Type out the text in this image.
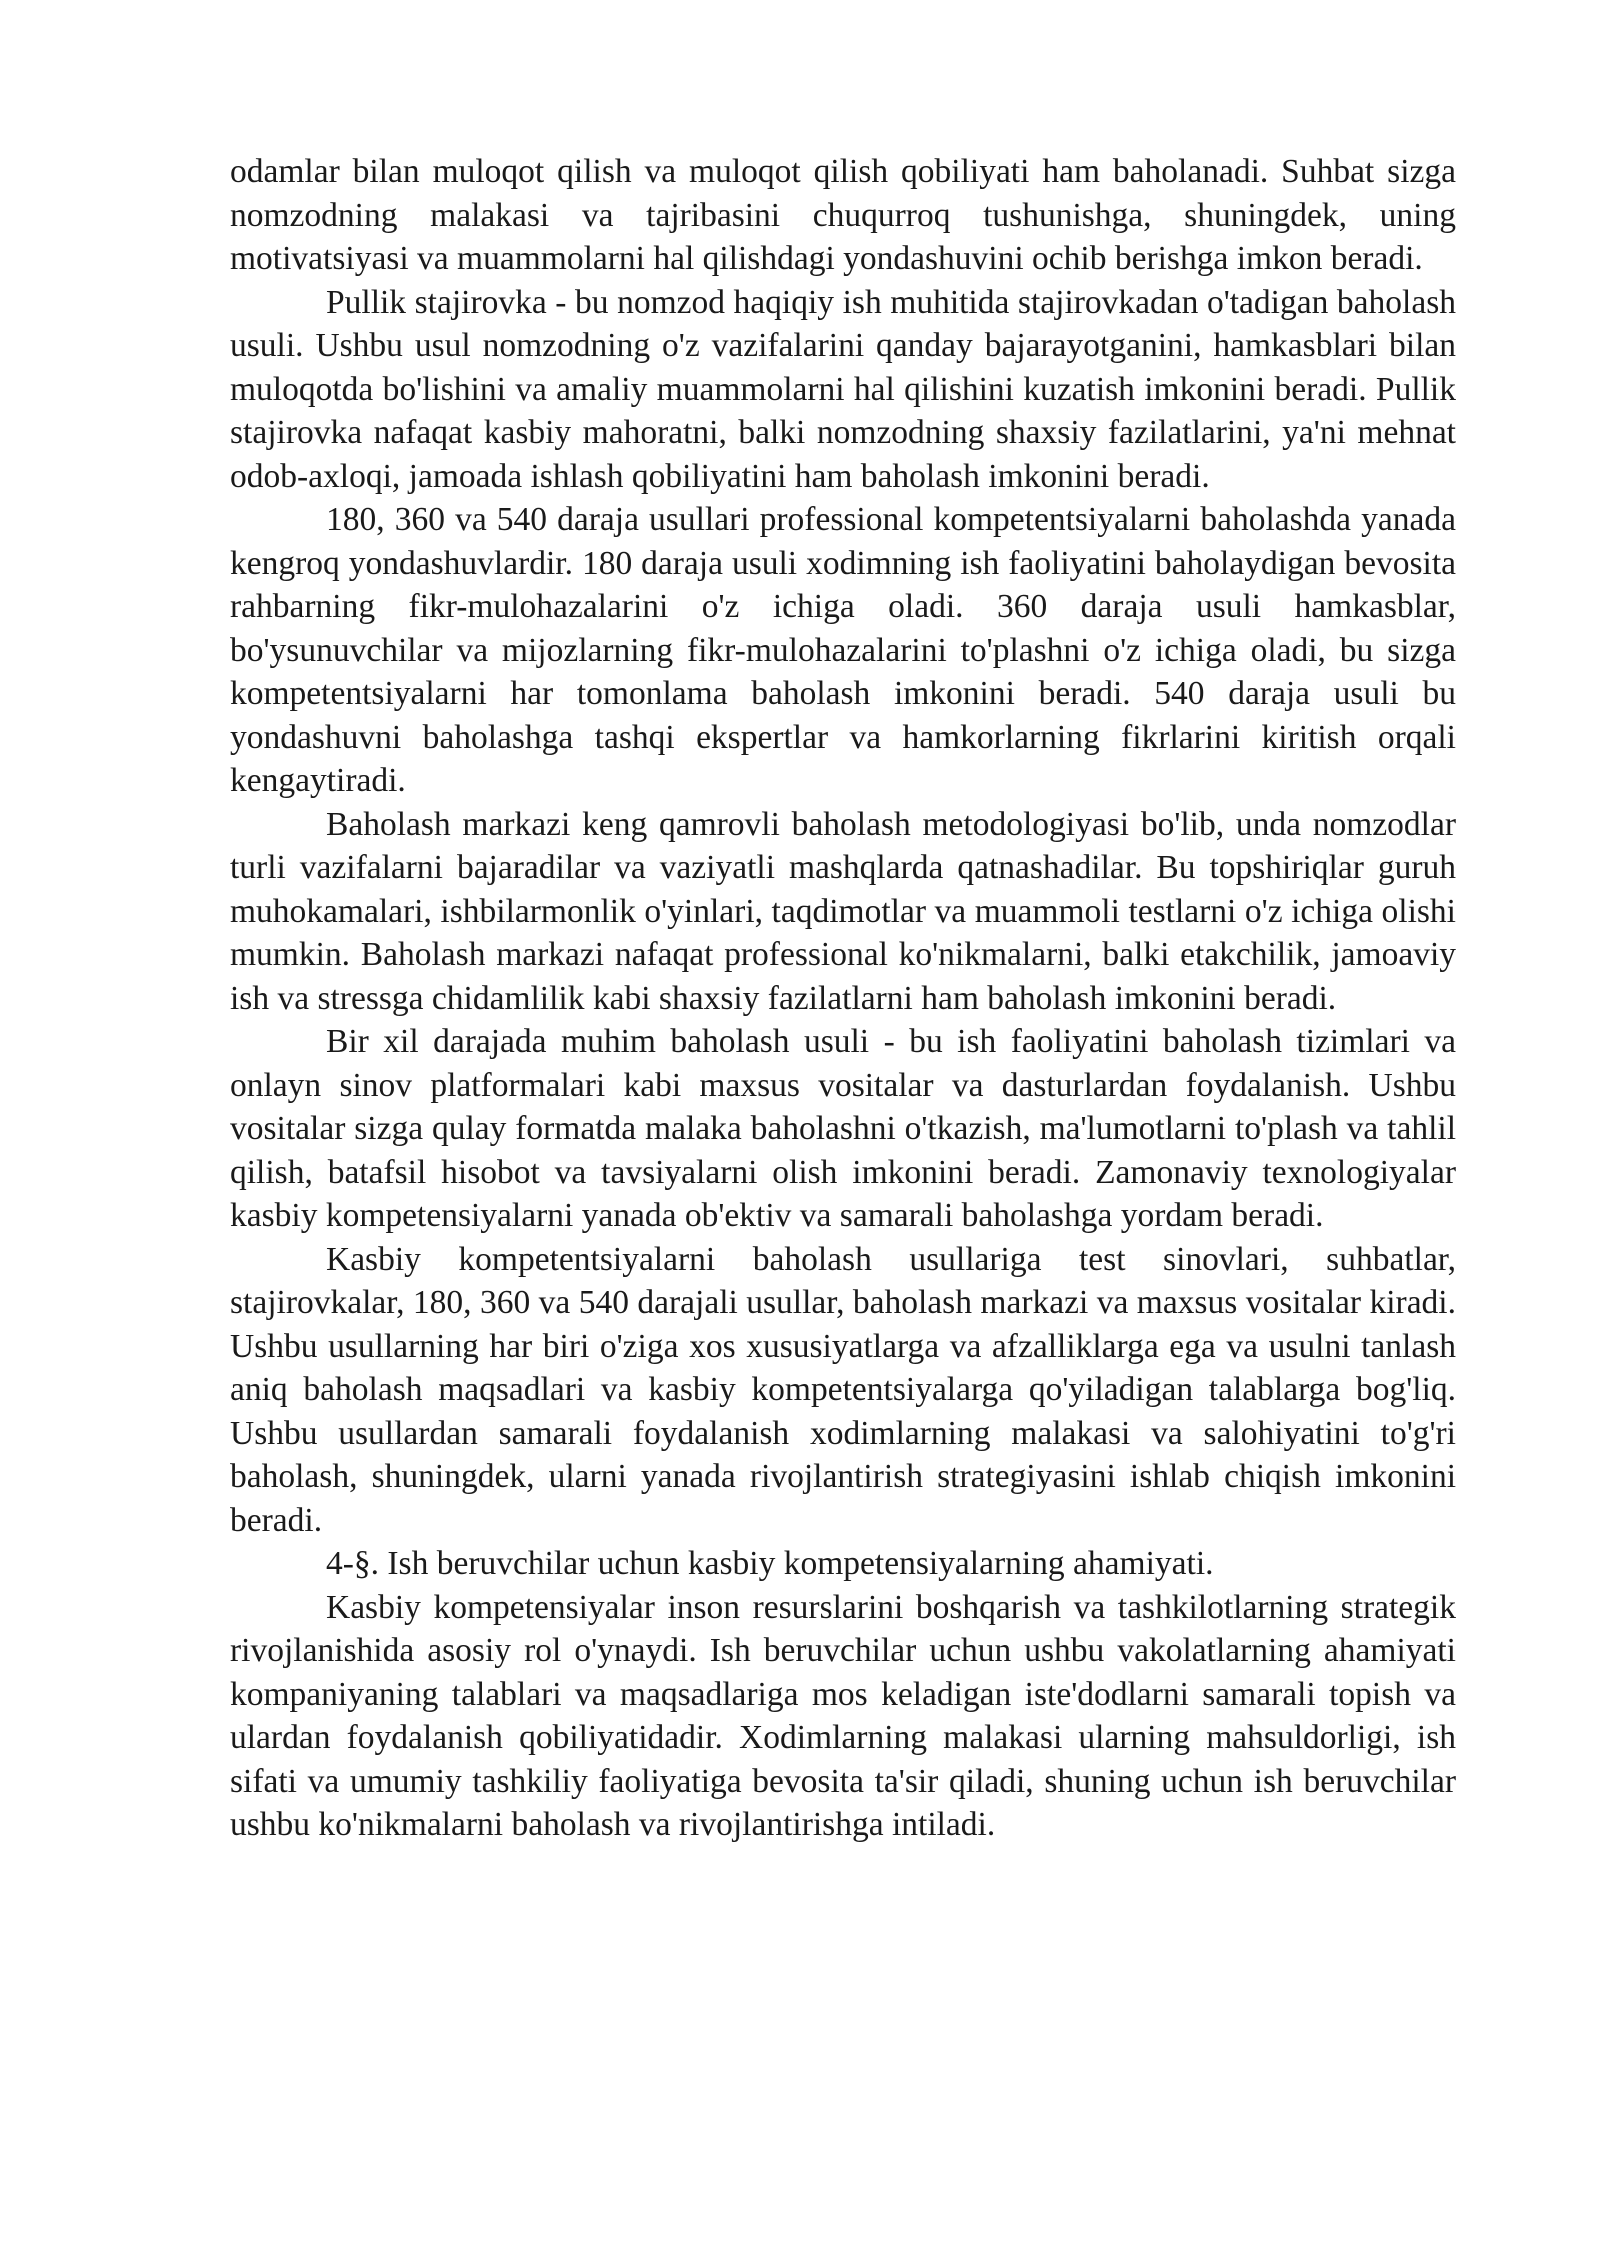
odamlar bilan muloqot qilish va muloqot qilish qobiliyati ham baholanadi. Suhbat sizga nomzodning malakasi va tajribasini chuqurroq tushunishga, shuningdek, uning motivatsiyasi va muammolarni hal qilishdagi yondashuvini ochib berishga imkon beradi.

Pullik stajirovka - bu nomzod haqiqiy ish muhitida stajirovkadan o'tadigan baholash usuli. Ushbu usul nomzodning o'z vazifalarini qanday bajarayotganini, hamkasblari bilan muloqotda bo'lishini va amaliy muammolarni hal qilishini kuzatish imkonini beradi. Pullik stajirovka nafaqat kasbiy mahoratni, balki nomzodning shaxsiy fazilatlarini, ya'ni mehnat odob-axloqi, jamoada ishlash qobiliyatini ham baholash imkonini beradi.

180, 360 va 540 daraja usullari professional kompetentsiyalarni baholashda yanada kengroq yondashuvlardir. 180 daraja usuli xodimning ish faoliyatini baholaydigan bevosita rahbarning fikr-mulohazalarini o'z ichiga oladi. 360 daraja usuli hamkasblar, bo'ysunuvchilar va mijozlarning fikr-mulohazalarini to'plashni o'z ichiga oladi, bu sizga kompetentsiyalarni har tomonlama baholash imkonini beradi. 540 daraja usuli bu yondashuvni baholashga tashqi ekspertlar va hamkorlarning fikrlarini kiritish orqali kengaytiradi.

Baholash markazi keng qamrovli baholash metodologiyasi bo'lib, unda nomzodlar turli vazifalarni bajaradilar va vaziyatli mashqlarda qatnashadilar. Bu topshiriqlar guruh muhokamalari, ishbilarmonlik o'yinlari, taqdimotlar va muammoli testlarni o'z ichiga olishi mumkin. Baholash markazi nafaqat professional ko'nikmalarni, balki etakchilik, jamoaviy ish va stressga chidamlilik kabi shaxsiy fazilatlarni ham baholash imkonini beradi.

Bir xil darajada muhim baholash usuli - bu ish faoliyatini baholash tizimlari va onlayn sinov platformalari kabi maxsus vositalar va dasturlardan foydalanish. Ushbu vositalar sizga qulay formatda malaka baholashni o'tkazish, ma'lumotlarni to'plash va tahlil qilish, batafsil hisobot va tavsiyalarni olish imkonini beradi. Zamonaviy texnologiyalar kasbiy kompetensiyalarni yanada ob'ektiv va samarali baholashga yordam beradi.

Kasbiy kompetentsiyalarni baholash usullariga test sinovlari, suhbatlar, stajirovkalar, 180, 360 va 540 darajali usullar, baholash markazi va maxsus vositalar kiradi. Ushbu usullarning har biri o'ziga xos xususiyatlarga va afzalliklarga ega va usulni tanlash aniq baholash maqsadlari va kasbiy kompetentsiyalarga qo'yiladigan talablarga bog'liq. Ushbu usullardan samarali foydalanish xodimlarning malakasi va salohiyatini to'g'ri baholash, shuningdek, ularni yanada rivojlantirish strategiyasini ishlab chiqish imkonini beradi.

4-§. Ish beruvchilar uchun kasbiy kompetensiyalarning ahamiyati.

Kasbiy kompetensiyalar inson resurslarini boshqarish va tashkilotlarning strategik rivojlanishida asosiy rol o'ynaydi. Ish beruvchilar uchun ushbu vakolatlarning ahamiyati kompaniyaning talablari va maqsadlariga mos keladigan iste'dodlarni samarali topish va ulardan foydalanish qobiliyatidadir. Xodimlarning malakasi ularning mahsuldorligi, ish sifati va umumiy tashkiliy faoliyatiga bevosita ta'sir qiladi, shuning uchun ish beruvchilar ushbu ko'nikmalarni baholash va rivojlantirishga intiladi.
